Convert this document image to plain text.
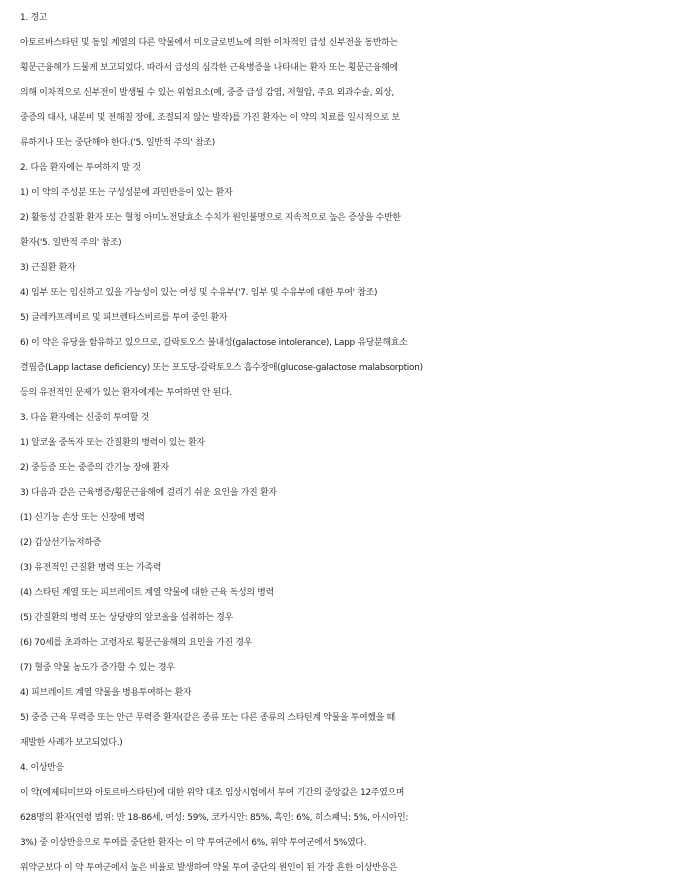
1. 경고
아토르바스타틴 및 동일 계열의 다른 약물에서 미오글로빈뇨에 의한 이차적인 급성 신부전을 동반하는
횡문근융해가 드물게 보고되었다. 따라서 급성의 심각한 근육병증을 나타내는 환자 또는 횡문근융해에
의해 이차적으로 신부전이 발생될 수 있는 위험요소(예, 중증 급성 감염, 저혈압, 주요 외과수술, 외상,
중증의 대사, 내분비 및 전해질 장애, 조절되지 않는 발작)를 가진 환자는 이 약의 치료를 일시적으로 보
류하거나 또는 중단해야 한다.('5. 일반적 주의' 참조)
2. 다음 환자에는 투여하지 말 것
1) 이 약의 주성분 또는 구성성분에 과민반응이 있는 환자
2) 활동성 간질환 환자 또는 혈청 아미노전달효소 수치가 원인불명으로 지속적으로 높은 증상을 수반한
환자('5. 일반적 주의' 참조)
3) 근질환 환자
4) 임부 또는 임신하고 있을 가능성이 있는 여성 및 수유부('7. 임부 및 수유부에 대한 투여' 참조)
5) 글레카프레비르 및 피브렌타스비르를 투여 중인 환자
6) 이 약은 유당을 함유하고 있으므로, 갈락토오스 불내성(galactose intolerance), Lapp 유당분해효소
결핍증(Lapp lactase deficiency) 또는 포도당-갈락토오스 흡수장애(glucose-galactose malabsorption)
등의 유전적인 문제가 있는 환자에게는 투여하면 안 된다.
3. 다음 환자에는 신중히 투여할 것
1) 알코올 중독자 또는 간질환의 병력이 있는 환자
2) 중등증 또는 중증의 간기능 장애 환자
3) 다음과 같은 근육병증/횡문근융해에 걸리기 쉬운 요인을 가진 환자
(1) 신기능 손상 또는 신장애 병력
(2) 갑상선기능저하증
(3) 유전적인 근질환 병력 또는 가족력
(4) 스타틴 계열 또는 피브레이트 계열 약물에 대한 근육 독성의 병력
(5) 간질환의 병력 또는 상당량의 알코올을 섭취하는 경우
(6) 70세를 초과하는 고령자로 횡문근융해의 요인을 가진 경우
(7) 혈중 약물 농도가 증가할 수 있는 경우
4) 피브레이트 계열 약물을 병용투여하는 환자
5) 중증 근육 무력증 또는 안근 무력증 환자(같은 종류 또는 다른 종류의 스타틴계 약물을 투여했을 때
재발한 사례가 보고되었다.)
4. 이상반응
이 약(에제티미브와 아토르바스타틴)에 대한 위약 대조 임상시험에서 투여 기간의 중앙값은 12주였으며
628명의 환자(연령 범위: 만 18-86세, 여성: 59%, 코카시안: 85%, 흑인: 6%, 히스패닉: 5%, 아시아인:
3%) 중 이상반응으로 투여를 중단한 환자는 이 약 투여군에서 6%, 위약 투여군에서 5%였다.
위약군보다 이 약 투여군에서 높은 비율로 발생하여 약물 투여 중단의 원인이 된 가장 흔한 이상반응은
